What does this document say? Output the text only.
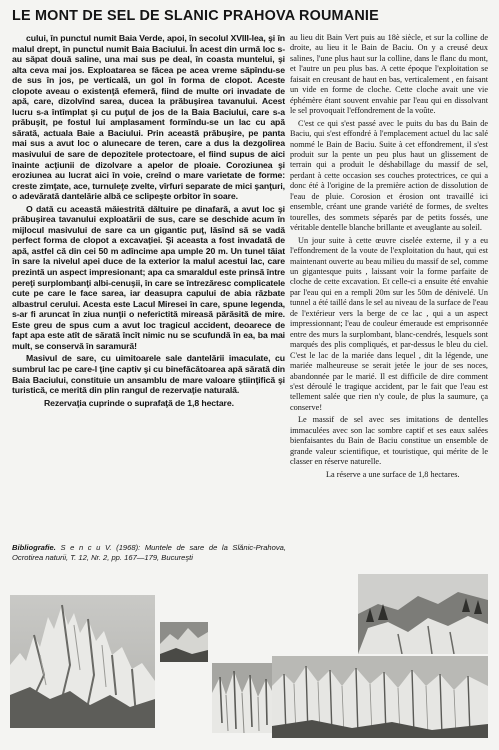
LE MONT DE SEL DE SLANIC PRAHOVA ROUMANIE

cului, în punctul numit Baia Verde, apoi, în secolul XVIII-lea, şi în malul drept, în punctul numit Baia Baciului. În acest din urmă loc s-au săpat două saline, una mai sus pe deal, în coasta muntelui, şi alta ceva mai jos. Exploatarea se făcea pe acea vreme săpîndu-se de sus în jos, pe verticală, un gol în forma de clopot. Aceste clopote aveau o existenţă efemeră, fiind de multe ori invadate de apă, care, dizolvînd sarea, ducea la prăbuşirea tavanului. Acest lucru s-a întîmplat şi cu puţul de jos de la Baia Baciului, care s-a prăbuşit, pe fostul lui amplasament formîndu-se un lac cu apă sărată, actuala Baie a Baciului. Prin această prăbuşire, pe panta mai sus a avut loc o alunecare de teren, care a dus la dezgolirea masivului de sare de depozitele protectoare, el fiind supus de aici înainte acţiunii de dizolvare a apelor de ploaie. Coroziunea şi eroziunea au lucrat aici în voie, creînd o mare varietate de forme: creste zimţate, ace, turnuleţe zvelte, vîrfuri separate de mici şanţuri, o adevărată dantelărie albă ce sclipeşte orbitor în soare.

O dată cu această măiestrită dăltuire pe dinafară, a avut loc şi prăbuşirea tavanului exploatării de sus, care se deschide acum în mijlocul masivului de sare ca un gigantic puţ, lăsînd să se vadă perfect forma de clopot a excavaţiei. Şi aceasta a fost invadată de apă, astfel că din cei 50 m adîncime apa umple 20 m. Un tunel tăiat în sare la nivelul apei duce de la exterior la malul acestui lac, care prezintă un aspect impresionant; apa ca smaraldul este prinsă între pereţi surplombanţi albi-cenuşii, în care se întrezăresc complicatele cute pe care le face sarea, iar deasupra capului de abia răzbate albastrul cerului. Acesta este Lacul Miresei în care, spune legenda, s-ar fi aruncat în ziua nunţii o neferictită mireasă părăsită de mire. Este greu de spus cum a avut loc tragicul accident, deoarece de fapt apa este atît de sărată încît nimic nu se scufundă în ea, ba mai mult, se conservă în saramură!

Masivul de sare, cu uimitoarele sale dantelării imaculate, cu sumbrul lac pe care-l ţine captiv şi cu binefăcătoarea apă sărată din Baia Baciului, constituie un ansamblu de mare valoare ştiinţifică şi turistică, ce merită din plin rangul de rezervaţie naturală.

Rezervaţia cuprinde o suprafaţă de 1,8 hectare.

au lieu dit Bain Vert puis au 18è siècle, et sur la colline de droite, au lieu it le Bain de Baciu. On y a creusé deux salines, l'une plus haut sur la colline, dans le flanc du mont, et l'autre un peu plus bas. A cette époque l'exploitation se faisait en creusant de haut en bas, verticalement , en faisant un vide en forme de cloche. Cette cloche avait une vie éphémère étant souvent envahie par l'eau qui en dissolvant le sel provoquait l'effondrement de la voûte.

C'est ce qui s'est passé avec le puits du bas du Bain de Baciu, qui s'est effondré à l'emplacement actuel du lac salé nommé le Bain de Baciu. Suite à cet effondrement, il s'est produit sur la pente un peu plus haut un glissement de terrain qui a produit le déshabillage du massif de sel, perdant à cette occasion ses couches protectrices, ce qui a donc été à l'origine de la première action de dissolution de l'eau de pluie. Corosion et érosion ont travaillé ici ensemble, créant une grande variété de formes, de sveltes tourelles, des sommets séparés par de petits fossés, une véritable dentelle blanche brillante et aveuglante au soleil.

Un jour suite à cette œuvre ciselée externe, il y a eu l'effondrement de la voute de l'exploitation du haut, qui est maintenant ouverte au beau milieu du massif de sel, comme un gigantesque puits , laissant voir la forme parfaite de cloche de cette excavation. Et celle-ci a ensuite été envahie par l'eau qui en a rempli 20m sur les 50m de dénivelé. Un tunnel a été taillé dans le sel au niveau de la surface de l'eau de l'extérieur vers la berge de ce lac , qui a un aspect impressionnant; l'eau de couleur émeraude est emprisonnée entre des murs la surplombant, blanc-cendrés, lesquels sont marqués des plis compliqués, et par-dessus le bleu du ciel. C'est le lac de la mariée dans lequel , dit la légende, une mariée malheureuse se serait jetée le jour de ses noces, abandonnée par le marié. Il est difficile de dire comment s'est déroulé le tragique accident, par le fait que l'eau est tellement salée que rien n'y coule, de plus la saumure, ça conserve!

Le massif de sel avec ses imitations de dentelles immaculées avec son lac sombre captif et ses eaux salées bienfaisantes du Bain de Baciu constitue un ensemble de grande valeur scientifique, et touristique, qui mérite de le classer en réserve naturelle.

La réserve a une surface de 1,8 hectares.

Bibliografie. S e n c u V. (1968): Muntele de sare de la Slănic-Prahova, Ocrotirea naturii, T. 12, Nr. 2, pp. 167—179, Bucureşti
